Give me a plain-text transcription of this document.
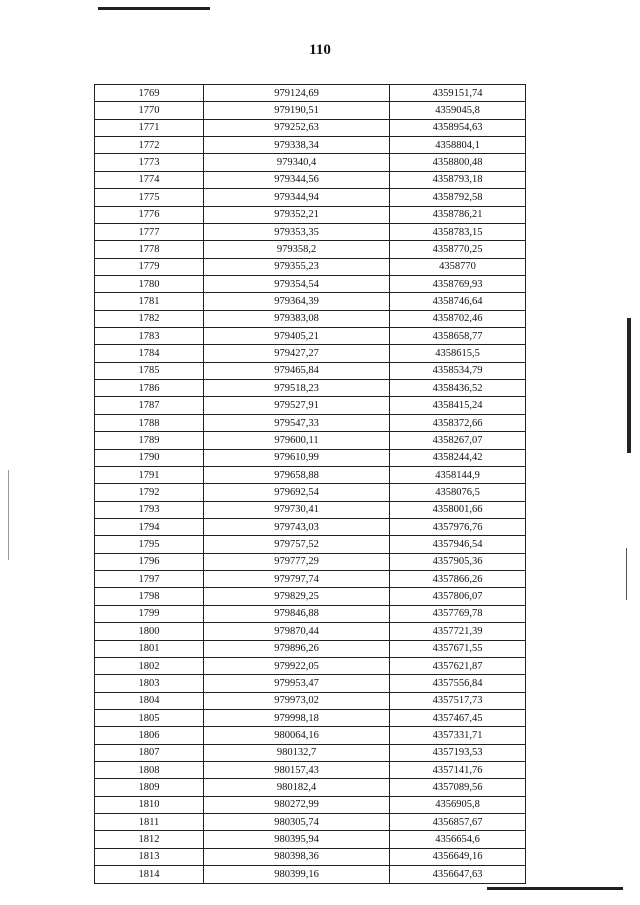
110
1769	979124,69	4359151,74
1770	979190,51	4359045,8
1771	979252,63	4358954,63
1772	979338,34	4358804,1
1773	979340,4	4358800,48
1774	979344,56	4358793,18
1775	979344,94	4358792,58
1776	979352,21	4358786,21
1777	979353,35	4358783,15
1778	979358,2	4358770,25
1779	979355,23	4358770
1780	979354,54	4358769,93
1781	979364,39	4358746,64
1782	979383,08	4358702,46
1783	979405,21	4358658,77
1784	979427,27	4358615,5
1785	979465,84	4358534,79
1786	979518,23	4358436,52
1787	979527,91	4358415,24
1788	979547,33	4358372,66
1789	979600,11	4358267,07
1790	979610,99	4358244,42
1791	979658,88	4358144,9
1792	979692,54	4358076,5
1793	979730,41	4358001,66
1794	979743,03	4357976,76
1795	979757,52	4357946,54
1796	979777,29	4357905,36
1797	979797,74	4357866,26
1798	979829,25	4357806,07
1799	979846,88	4357769,78
1800	979870,44	4357721,39
1801	979896,26	4357671,55
1802	979922,05	4357621,87
1803	979953,47	4357556,84
1804	979973,02	4357517,73
1805	979998,18	4357467,45
1806	980064,16	4357331,71
1807	980132,7	4357193,53
1808	980157,43	4357141,76
1809	980182,4	4357089,56
1810	980272,99	4356905,8
1811	980305,74	4356857,67
1812	980395,94	4356654,6
1813	980398,36	4356649,16
1814	980399,16	4356647,63
